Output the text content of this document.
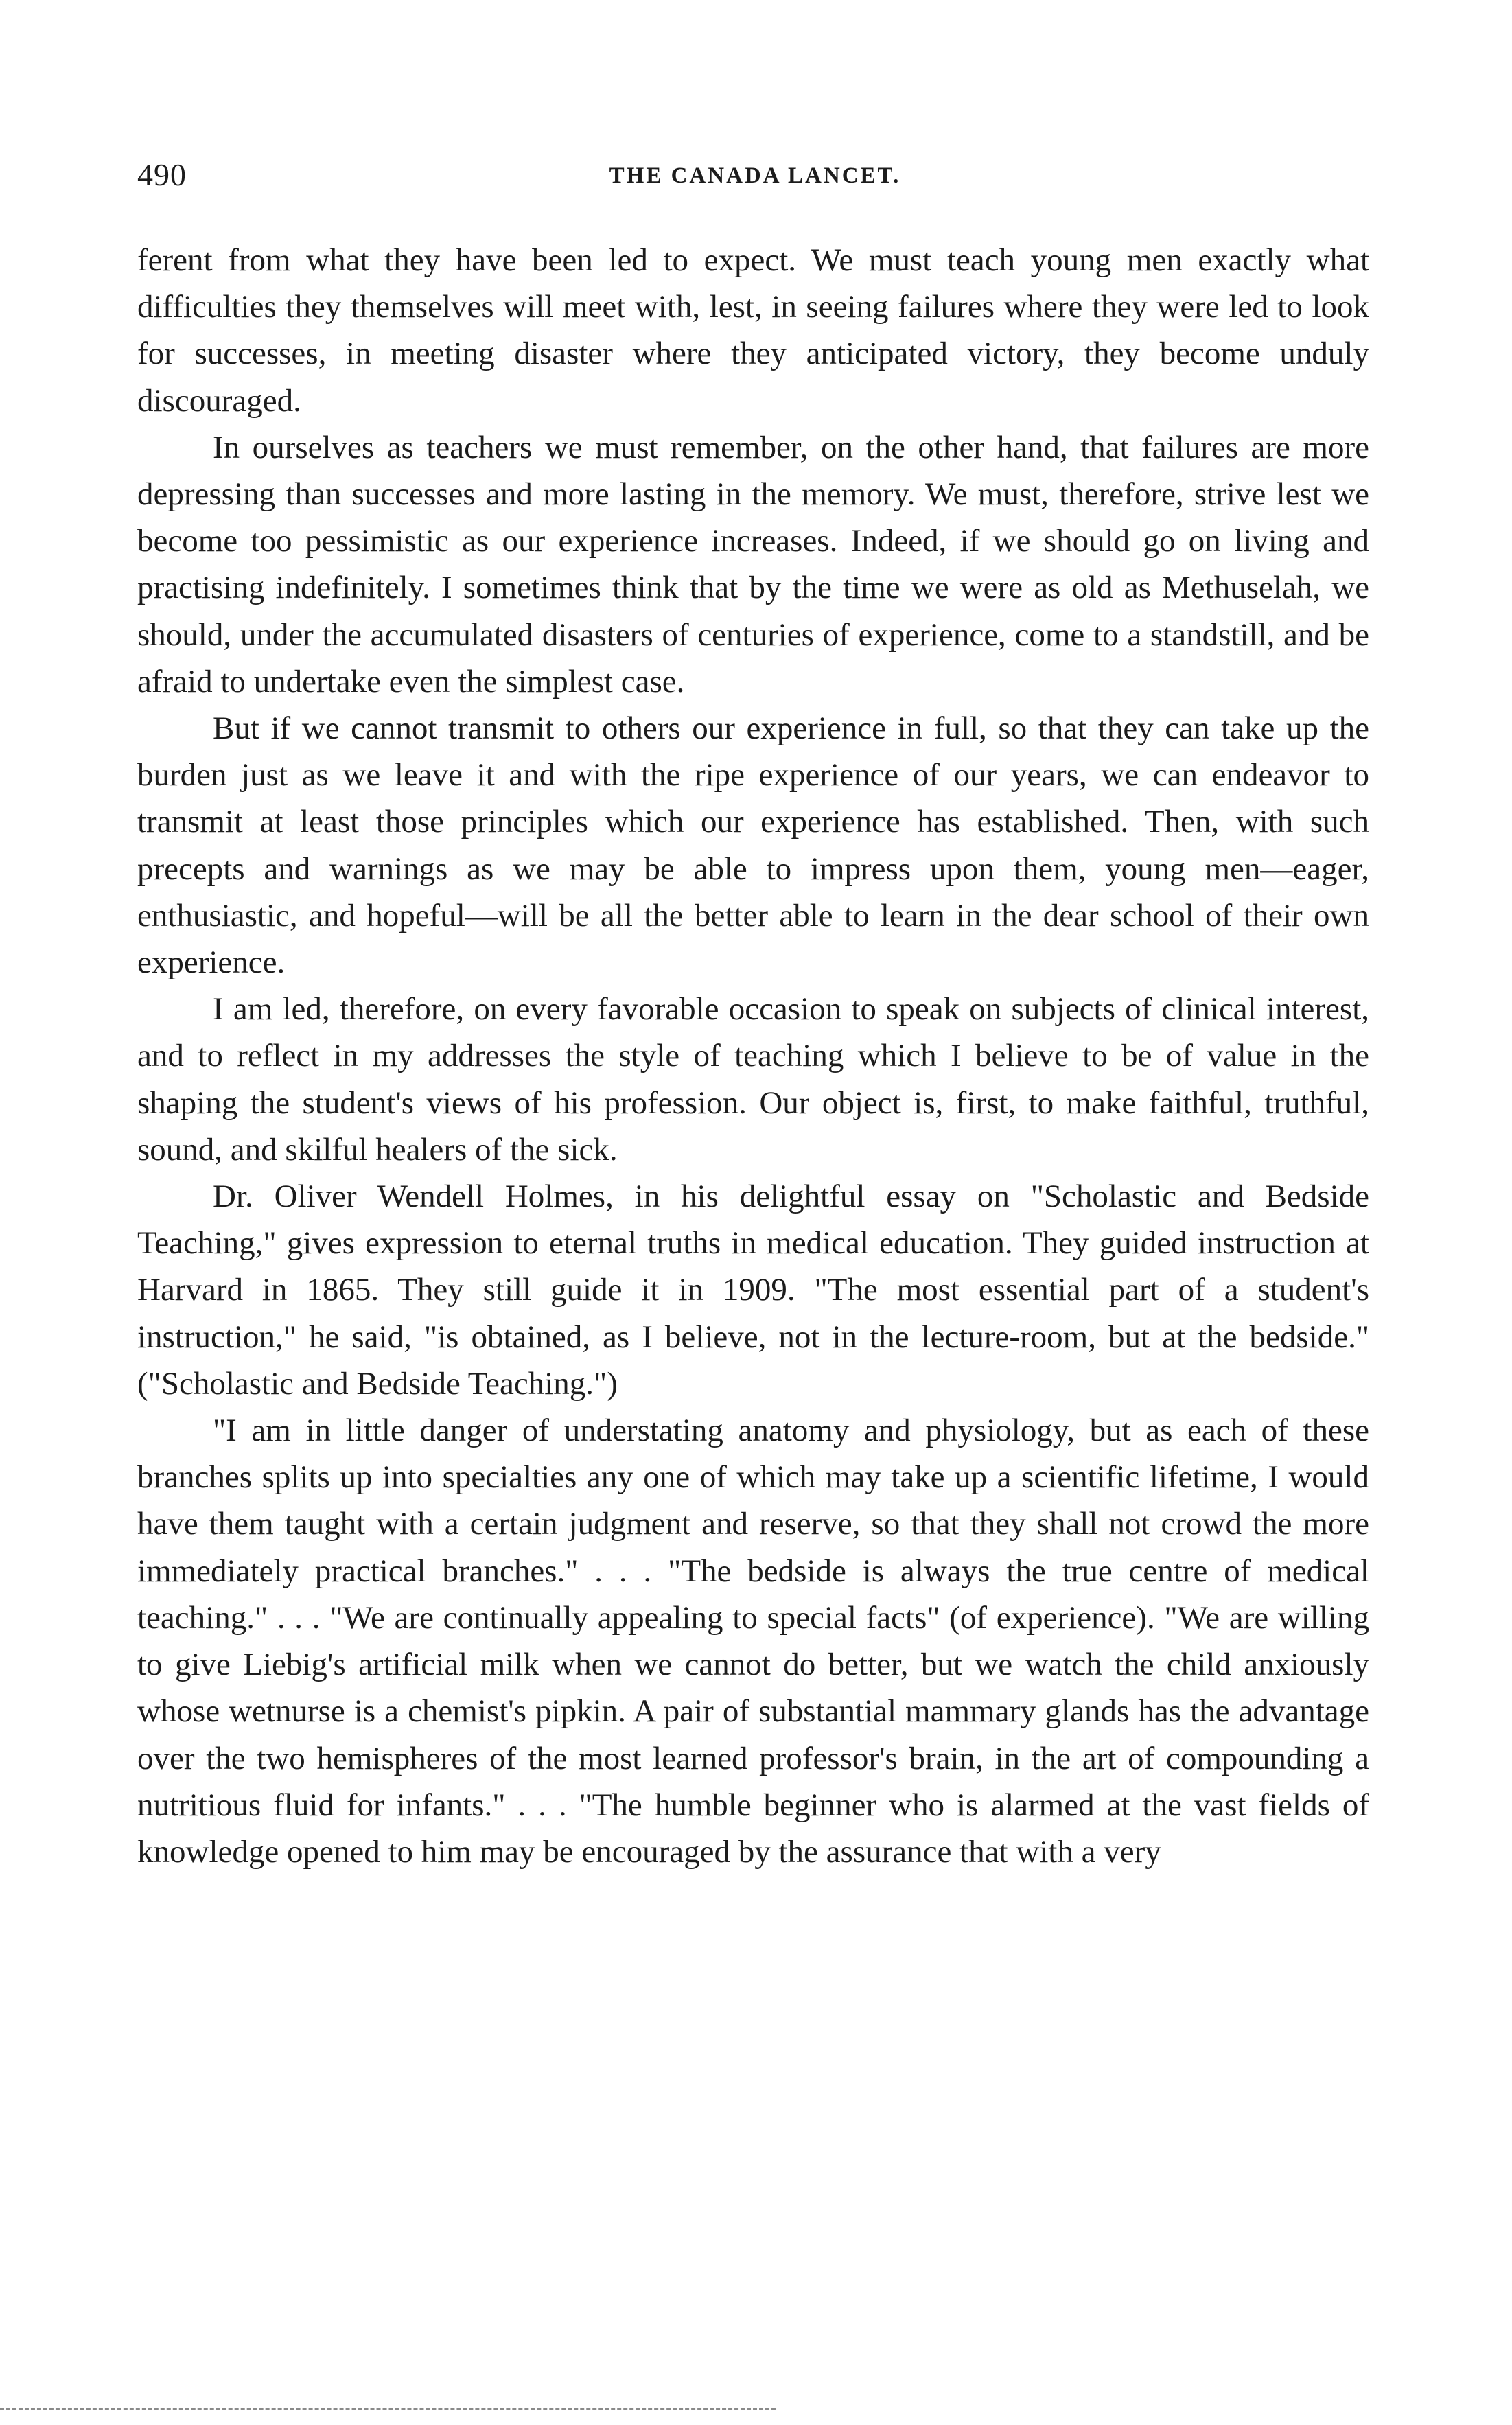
490	THE CANADA LANCET.

ferent from what they have been led to expect. We must teach young men exactly what difficulties they themselves will meet with, lest, in seeing failures where they were led to look for successes, in meeting disaster where they anticipated victory, they become unduly discouraged.

In ourselves as teachers we must remember, on the other hand, that failures are more depressing than successes and more lasting in the memory. We must, therefore, strive lest we become too pessimistic as our experience increases. Indeed, if we should go on living and practising indefinitely. I sometimes think that by the time we were as old as Methuselah, we should, under the accumulated disasters of centuries of experience, come to a standstill, and be afraid to undertake even the simplest case.

But if we cannot transmit to others our experience in full, so that they can take up the burden just as we leave it and with the ripe experience of our years, we can endeavor to transmit at least those principles which our experience has established. Then, with such precepts and warnings as we may be able to impress upon them, young men—eager, enthusiastic, and hopeful—will be all the better able to learn in the dear school of their own experience.

I am led, therefore, on every favorable occasion to speak on subjects of clinical interest, and to reflect in my addresses the style of teaching which I believe to be of value in the shaping the student's views of his profession. Our object is, first, to make faithful, truthful, sound, and skilful healers of the sick.

Dr. Oliver Wendell Holmes, in his delightful essay on "Scholastic and Bedside Teaching," gives expression to eternal truths in medical education. They guided instruction at Harvard in 1865. They still guide it in 1909. "The most essential part of a student's instruction," he said, "is obtained, as I believe, not in the lecture-room, but at the bedside." ("Scholastic and Bedside Teaching.")

"I am in little danger of understating anatomy and physiology, but as each of these branches splits up into specialties any one of which may take up a scientific lifetime, I would have them taught with a certain judgment and reserve, so that they shall not crowd the more immediately practical branches." . . . "The bedside is always the true centre of medical teaching." . . . "We are continually appealing to special facts" (of experience). "We are willing to give Liebig's artificial milk when we cannot do better, but we watch the child anxiously whose wetnurse is a chemist's pipkin. A pair of substantial mammary glands has the advantage over the two hemispheres of the most learned professor's brain, in the art of compounding a nutritious fluid for infants." . . . "The humble beginner who is alarmed at the vast fields of knowledge opened to him may be encouraged by the assurance that with a very
